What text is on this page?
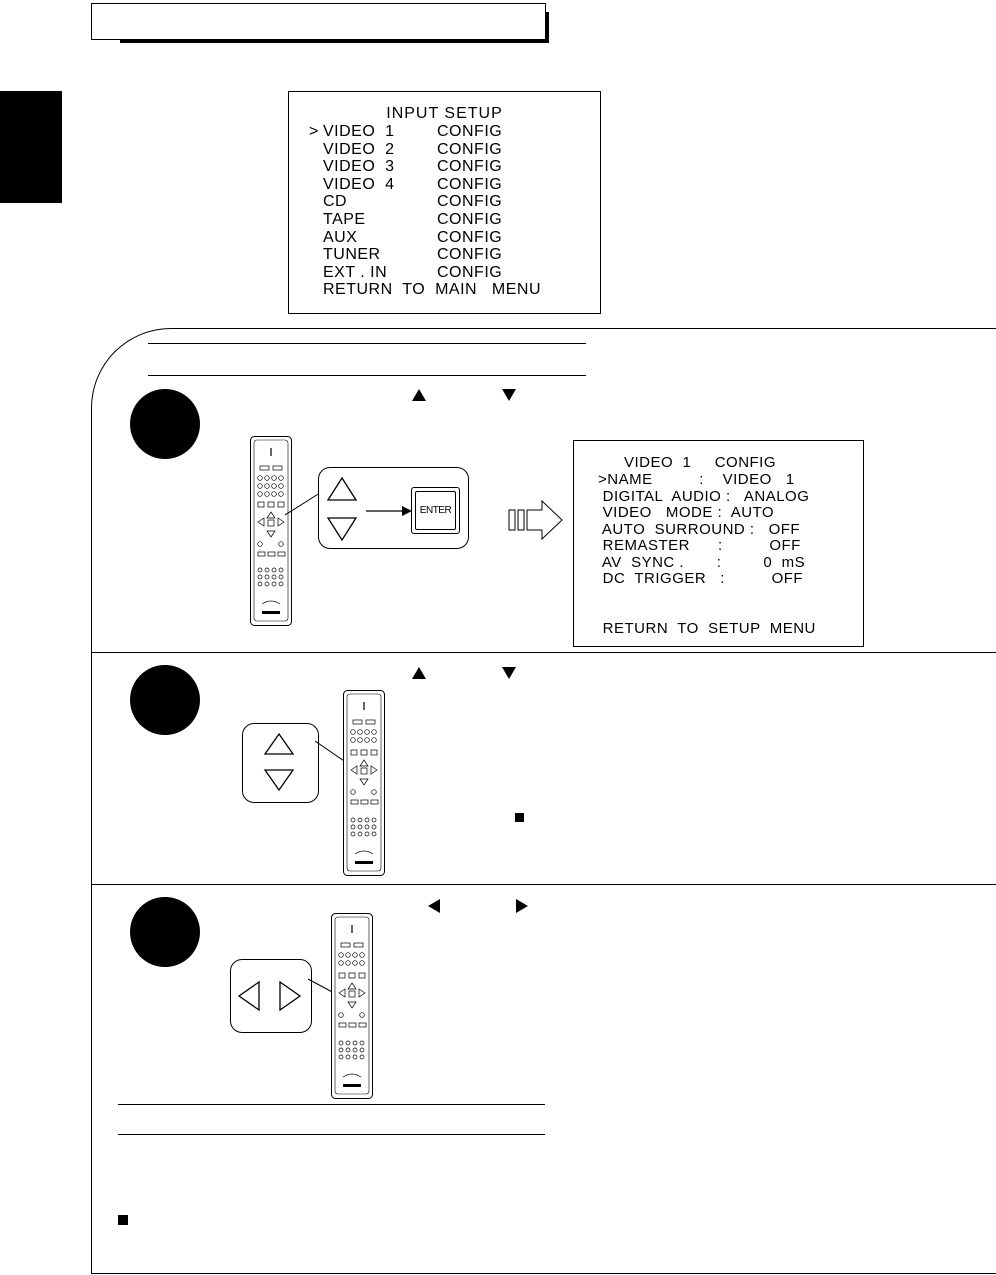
INPUT SETUP
> VIDEO  1	CONFIG
VIDEO  2	CONFIG
VIDEO  3	CONFIG
VIDEO  4	CONFIG
CD	CONFIG
TAPE	CONFIG
AUX	CONFIG
TUNER	CONFIG
EXT . IN	CONFIG
RETURN  TO  MAIN   MENU
ENTER
VIDEO  1     CONFIG
>NAME          :    VIDEO   1
DIGITAL  AUDIO :   ANALOG
VIDEO   MODE :  AUTO
AUTO  SURROUND :   OFF
REMASTER      :          OFF
AV  SYNC .       :         0  mS
DC  TRIGGER   :          OFF
RETURN  TO  SETUP  MENU
